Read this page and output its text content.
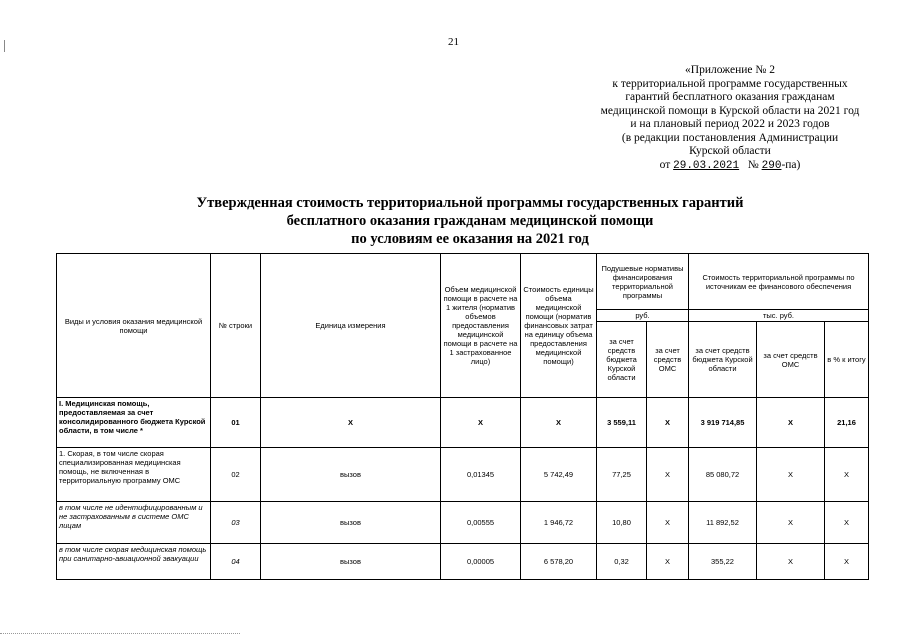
21
«Приложение № 2
к территориальной программе государственных
гарантий бесплатного оказания гражданам
медицинской помощи в Курской области на 2021 год
и на плановый период 2022 и 2023 годов
(в редакции постановления Администрации
Курской области
от 29.03.2021 № 290-па)
Утвержденная стоимость территориальной программы государственных гарантий
бесплатного оказания гражданам медицинской помощи
по условиям ее оказания на 2021 год
Виды и условия оказания медицинской помощи	№ строки	Единица измерения	Объем медицинской помощи в расчете на 1 жителя (норматив объемов предоставления медицинской помощи в расчете на 1 застрахованное лицо)	Стоимость единицы объема медицинской помощи (норматив финансовых затрат на единицу объема предоставления медицинской помощи)	Подушевые нормативы финансирования территориальной программы		Стоимость территориальной программы по источникам ее финансового обеспечения		
					руб.		тыс. руб.		
					за счет средств бюджета Курской области	за счет средств ОМС	за счет средств бюджета Курской области	за счет средств ОМС	в % к итогу
I. Медицинская помощь, предоставляемая за счет консолидированного бюджета Курской области, в том числе *	01	Х	Х	Х	3 559,11	Х	3 919 714,85	Х	21,16
1. Скорая, в том числе скорая специализированная медицинская помощь, не включенная в территориальную программу ОМС	02	вызов	0,01345	5 742,49	77,25	Х	85 080,72	Х	Х
в том числе не идентифицированным и не застрахованным в системе ОМС лицам	03	вызов	0,00555	1 946,72	10,80	Х	11 892,52	Х	Х
в том числе скорая медицинская помощь при санитарно-авиационной эвакуации	04	вызов	0,00005	6 578,20	0,32	Х	355,22	Х	Х
